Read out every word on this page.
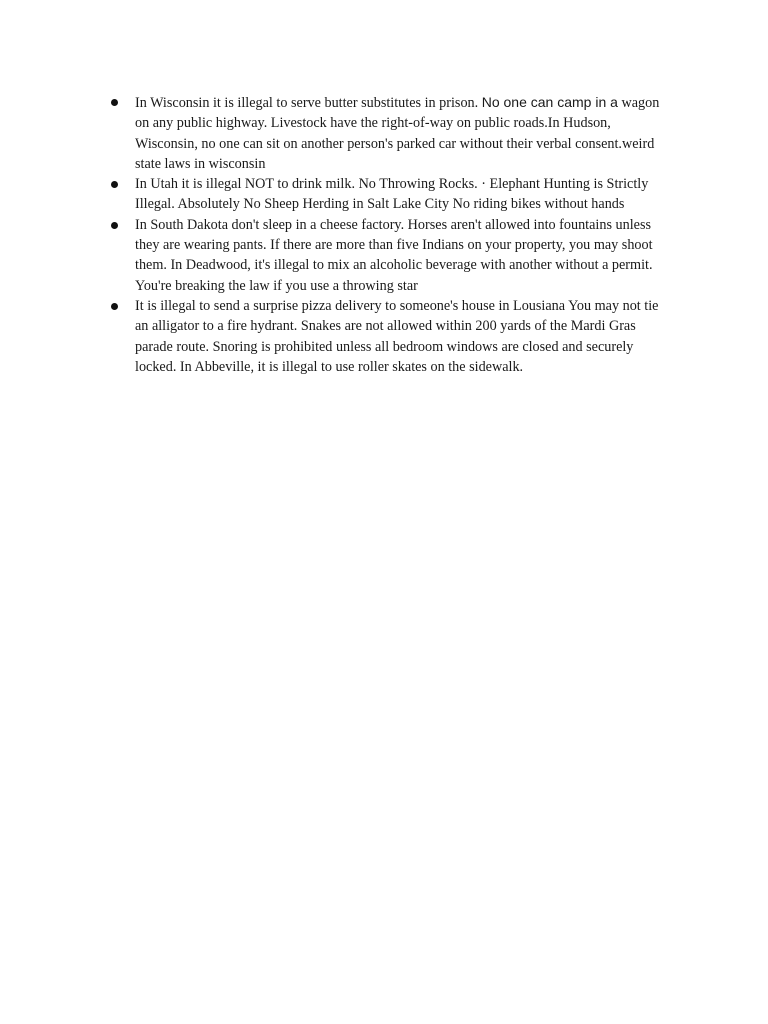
In Wisconsin it is illegal to serve butter substitutes in prison. No one can camp in a wagon on any public highway. Livestock have the right-of-way on public roads.In Hudson, Wisconsin, no one can sit on another person's parked car without their verbal consent.weird state laws in wisconsin
In Utah it is illegal NOT to drink milk. No Throwing Rocks. · Elephant Hunting is Strictly Illegal. Absolutely No Sheep Herding in Salt Lake City No riding bikes without hands
In South Dakota don't sleep in a cheese factory. Horses aren't allowed into fountains unless they are wearing pants. If there are more than five Indians on your property, you may shoot them. In Deadwood, it's illegal to mix an alcoholic beverage with another without a permit. You're breaking the law if you use a throwing star
It is illegal to send a surprise pizza delivery to someone's house in Lousiana You may not tie an alligator to a fire hydrant. Snakes are not allowed within 200 yards of the Mardi Gras parade route. Snoring is prohibited unless all bedroom windows are closed and securely locked. In Abbeville, it is illegal to use roller skates on the sidewalk.
